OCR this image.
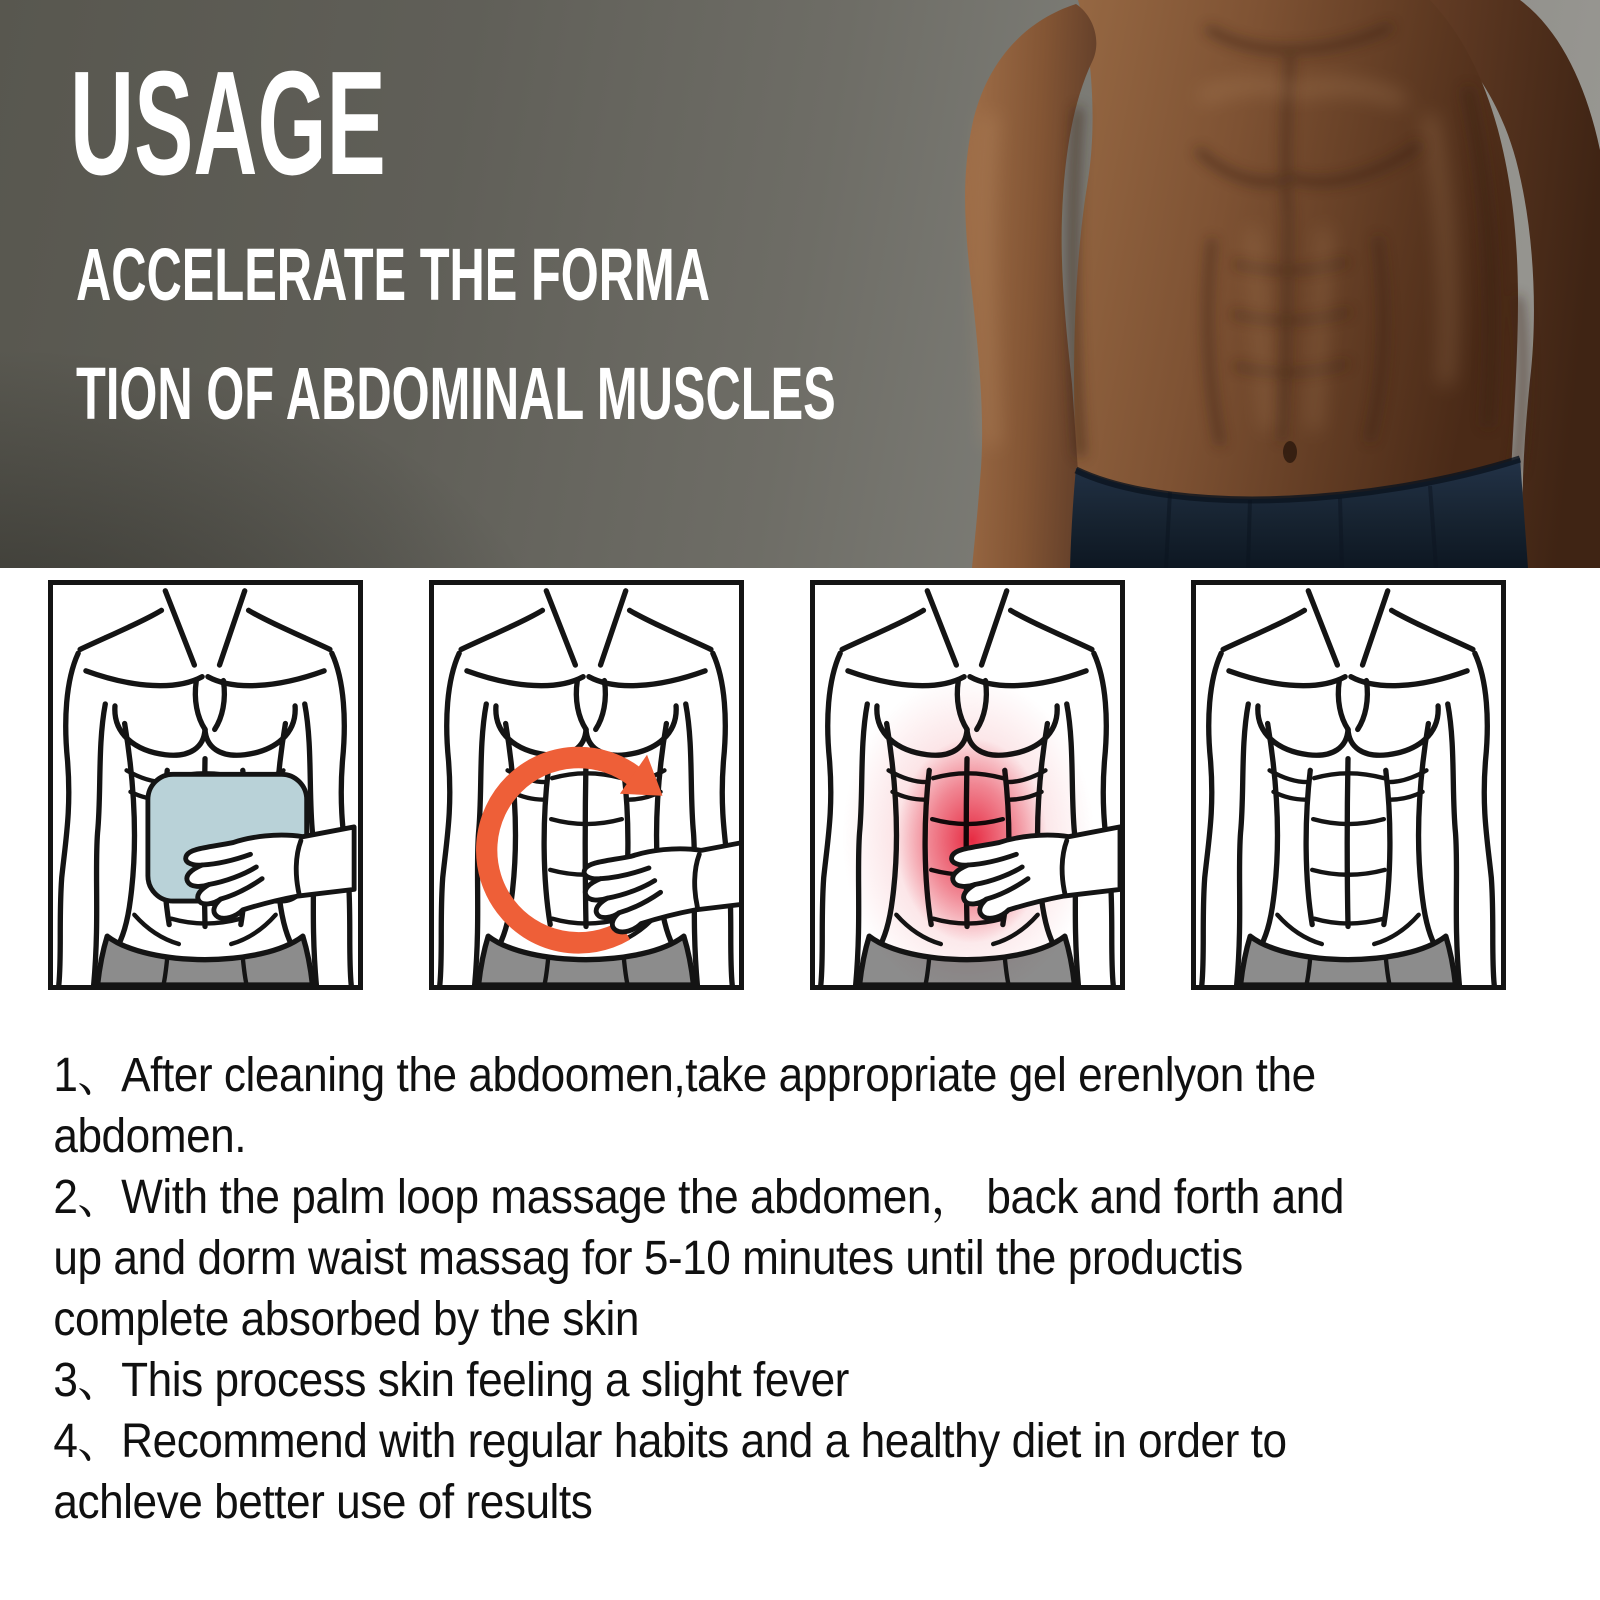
USAGE
ACCELERATE THE FORMA
TION OF ABDOMINAL MUSCLES
1、After cleaning the abdoomen,take appropriate gel erenlyon the
abdomen.
2、With the palm loop massage the abdomen， back and forth and
up and dorm waist massag for 5-10 minutes until the productis
complete absorbed by the skin
3、This process skin feeling a slight fever
4、Recommend with regular habits and a healthy diet in order to
achleve better use of results
